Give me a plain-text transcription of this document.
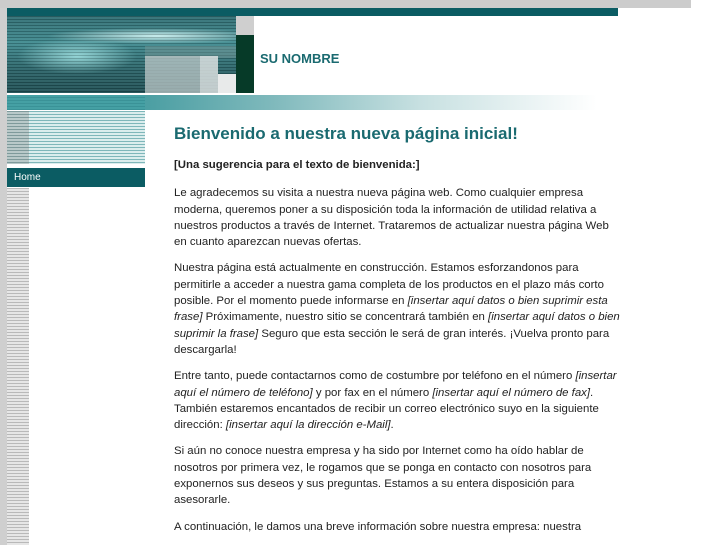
SU NOMBRE
Home
Bienvenido a nuestra nueva página inicial!
[Una sugerencia para el texto de bienvenida:]

Le agradecemos su visita a nuestra nueva página web. Como cualquier empresa moderna, queremos poner a su disposición toda la información de utilidad relativa a nuestros productos a través de Internet. Trataremos de actualizar nuestra página Web en cuanto aparezcan nuevas ofertas.

Nuestra página está actualmente en construcción. Estamos esforzandonos para permitirle a acceder a nuestra gama completa de los productos en el plazo más corto posible. Por el momento puede informarse en [insertar aquí datos o bien suprimir esta frase] Próximamente, nuestro sitio se concentrará también en [insertar aquí datos o bien suprimir la frase] Seguro que esta sección le será de gran interés. ¡Vuelva pronto para descargarla!

Entre tanto, puede contactarnos como de costumbre por teléfono en el número [insertar aquí el número de teléfono] y por fax en el número [insertar aquí el número de fax]. También estaremos encantados de recibir un correo electrónico suyo en la siguiente dirección: [insertar aquí la dirección e-Mail].

Si aún no conoce nuestra empresa y ha sido por Internet como ha oído hablar de nosotros por primera vez, le rogamos que se ponga en contacto con nosotros para exponernos sus deseos y sus preguntas. Estamos a su entera disposición para asesorarle.

A continuación, le damos una breve información sobre nuestra empresa: nuestra
